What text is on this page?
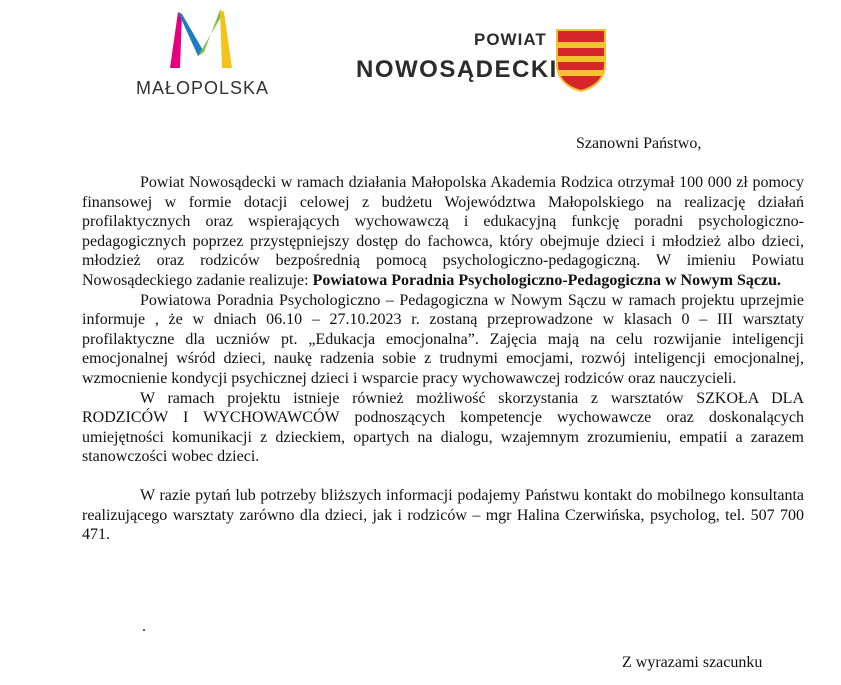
MAŁOPOLSKA
POWIAT
NOWOSĄDECKI
Szanowni Państwo,

Powiat Nowosądecki w ramach działania Małopolska Akademia Rodzica otrzymał 100 000 zł pomocy finansowej w formie dotacji celowej z budżetu Województwa Małopolskiego na realizację działań profilaktycznych oraz wspierających wychowawczą i edukacyjną funkcję poradni psychologiczno-pedagogicznych poprzez przystępniejszy dostęp do fachowca, który obejmuje dzieci i młodzież albo dzieci, młodzież oraz rodziców bezpośrednią pomocą psychologiczno-pedagogiczną. W imieniu Powiatu Nowosądeckiego zadanie realizuje: Powiatowa Poradnia Psychologiczno-Pedagogiczna w Nowym Sączu.

Powiatowa Poradnia Psychologiczno – Pedagogiczna w Nowym Sączu w ramach projektu uprzejmie informuje , że w dniach 06.10 – 27.10.2023 r. zostaną przeprowadzone w klasach 0 – III warsztaty profilaktyczne dla uczniów pt. „Edukacja emocjonalna”. Zajęcia mają na celu rozwijanie inteligencji emocjonalnej wśród dzieci, naukę radzenia sobie z trudnymi emocjami, rozwój inteligencji emocjonalnej, wzmocnienie kondycji psychicznej dzieci i wsparcie pracy wychowawczej rodziców oraz nauczycieli.

W ramach projektu istnieje również możliwość skorzystania z warsztatów SZKOŁA DLA RODZICÓW I WYCHOWAWCÓW podnoszących kompetencje wychowawcze oraz doskonalących umiejętności komunikacji z dzieckiem, opartych na dialogu, wzajemnym zrozumieniu, empatii a zarazem stanowczości wobec dzieci.

W razie pytań lub potrzeby bliższych informacji podajemy Państwu kontakt do mobilnego konsultanta realizującego warsztaty zarówno dla dzieci, jak i rodziców – mgr Halina Czerwińska, psycholog, tel. 507 700 471.

.
Z wyrazami szacunku
